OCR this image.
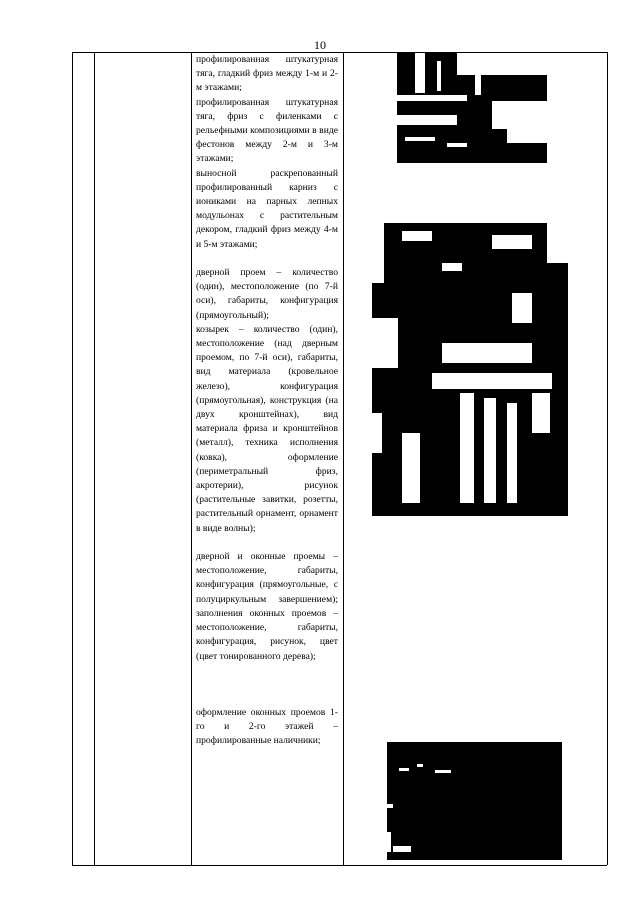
10

профилированная штукатурная тяга, гладкий фриз между 1-м и 2-м этажами;

профилированная штукатурная тяга, фриз с филенками с рельефными композициями в виде фестонов между 2-м и 3-м этажами;

выносной раскрепованный профилированный карниз с иониками на парных лепных модульонах с растительным декором, гладкий фриз между 4-м и 5-м этажами;

дверной проем – количество (один), местоположение (по 7-й оси), габариты, конфигурация (прямоугольный);

козырек – количество (один), местоположение (над дверным проемом, по 7-й оси), габариты, вид материала (кровельное железо), конфигурация (прямоугольная), конструкция (на двух кронштейнах), вид материала фриза и кронштейнов (металл), техника исполнения (ковка), оформление (периметральный фриз, акротерии), рисунок (растительные завитки, розетты, растительный орнамент, орнамент в виде волны);

дверной и оконные проемы – местоположение, габариты, конфигурация (прямоугольные, с полуциркульным завершением); заполнения оконных проемов – местоположение, габариты, конфигурация, рисунок, цвет (цвет тонированного дерева);

оформление оконных проемов 1-го и 2-го этажей – профилированные наличники;
